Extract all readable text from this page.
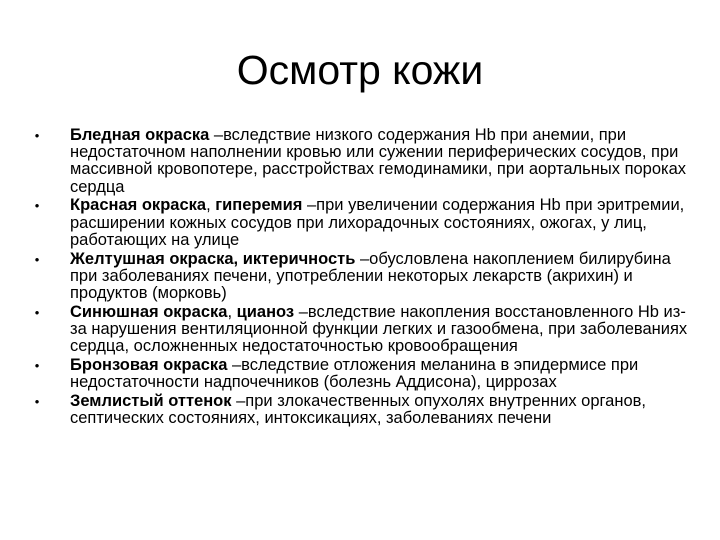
Осмотр кожи
• Бледная окраска –вследствие низкого содержания Hb при анемии, при недостаточном наполнении кровью или сужении периферических сосудов, при массивной кровопотере, расстройствах гемодинамики, при аортальных пороках сердца
• Красная окраска, гиперемия –при увеличении содержания Hb при эритремии, расширении кожных сосудов при лихорадочных состояниях, ожогах, у лиц, работающих на улице
• Желтушная окраска, иктеричность –обусловлена накоплением билирубина при заболеваниях печени, употреблении некоторых лекарств (акрихин) и продуктов (морковь)
• Синюшная окраска, цианоз –вследствие накопления восстановленного Hb из-за нарушения вентиляционной функции легких и газообмена, при заболеваниях сердца, осложненных недостаточностью кровообращения
• Бронзовая окраска –вследствие отложения меланина в эпидермисе при недостаточности надпочечников (болезнь Аддисона), циррозах
• Землистый оттенок –при злокачественных опухолях внутренних органов, септических состояниях, интоксикациях, заболеваниях печени
